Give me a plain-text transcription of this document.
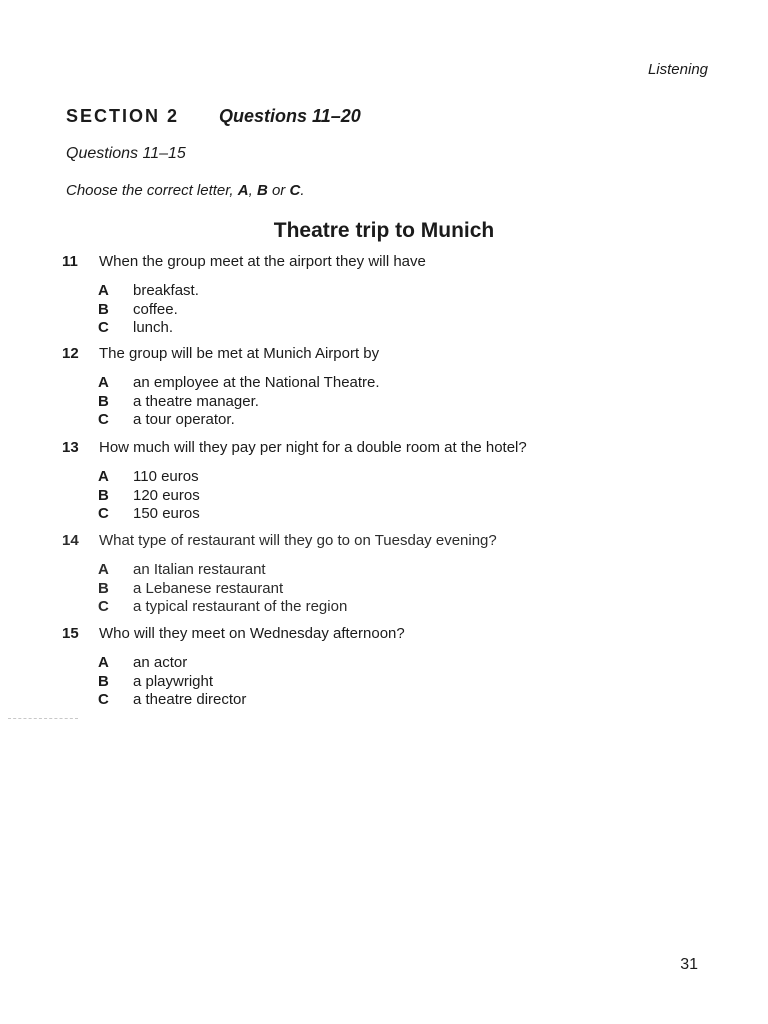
Listening
SECTION 2 Questions 11–20
Questions 11–15
Choose the correct letter, A, B or C.
Theatre trip to Munich
11	When the group meet at the airport they will have
A	breakfast.
B	coffee.
C	lunch.
12	The group will be met at Munich Airport by
A	an employee at the National Theatre.
B	a theatre manager.
C	a tour operator.
13	How much will they pay per night for a double room at the hotel?
A	110 euros
B	120 euros
C	150 euros
14	What type of restaurant will they go to on Tuesday evening?
A	an Italian restaurant
B	a Lebanese restaurant
C	a typical restaurant of the region
15	Who will they meet on Wednesday afternoon?
A	an actor
B	a playwright
C	a theatre director
31
